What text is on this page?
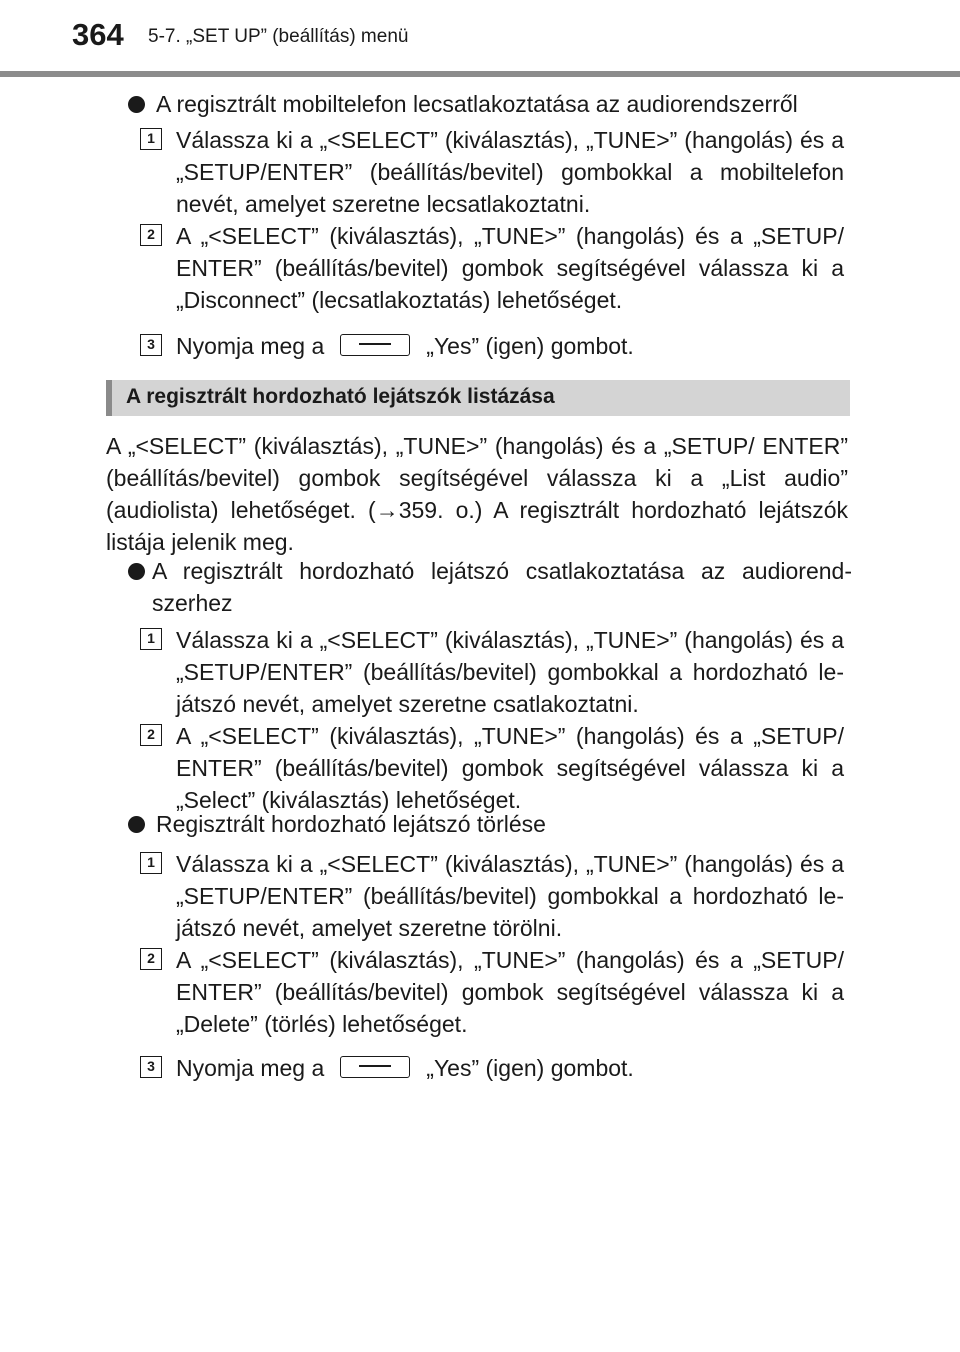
364 5-7. „SET UP” (beállítás) menü
A regisztrált mobiltelefon lecsatlakoztatása az audiorendszerről
1 Válassza ki a „<SELECT” (kiválasztás), „TUNE>” (hangolás) és a „SETUP/ENTER” (beállítás/bevitel) gombokkal a mobiltelefon nevét, amelyet szeretne lecsatlakoztatni.
2 A „<SELECT” (kiválasztás), „TUNE>” (hangolás) és a „SETUP/ ENTER” (beállítás/bevitel) gombok segítségével válassza ki a „Disconnect” (lecsatlakoztatás) lehetőséget.
3 Nyomja meg a	„Yes” (igen) gombot.
A regisztrált hordozható lejátszók listázása
A „<SELECT” (kiválasztás), „TUNE>” (hangolás) és a „SETUP/ ENTER” (beállítás/bevitel) gombok segítségével válassza ki a „List audio” (audiolista) lehetőséget. (→359. o.) A regisztrált hordozható lejátszók listája jelenik meg.
A regisztrált hordozható lejátszó csatlakoztatása az audiorend-
szerhez
1 Válassza ki a „<SELECT” (kiválasztás), „TUNE>” (hangolás) és a „SETUP/ENTER” (beállítás/bevitel) gombokkal a hordozható le- játszó nevét, amelyet szeretne csatlakoztatni.
2 A „<SELECT” (kiválasztás), „TUNE>” (hangolás) és a „SETUP/ ENTER” (beállítás/bevitel) gombok segítségével válassza ki a „Select” (kiválasztás) lehetőséget.
Regisztrált hordozható lejátszó törlése
1 Válassza ki a „<SELECT” (kiválasztás), „TUNE>” (hangolás) és a „SETUP/ENTER” (beállítás/bevitel) gombokkal a hordozható le- játszó nevét, amelyet szeretne törölni.
2 A „<SELECT” (kiválasztás), „TUNE>” (hangolás) és a „SETUP/ ENTER” (beállítás/bevitel) gombok segítségével válassza ki a „Delete” (törlés) lehetőséget.
3 Nyomja meg a	„Yes” (igen) gombot.
